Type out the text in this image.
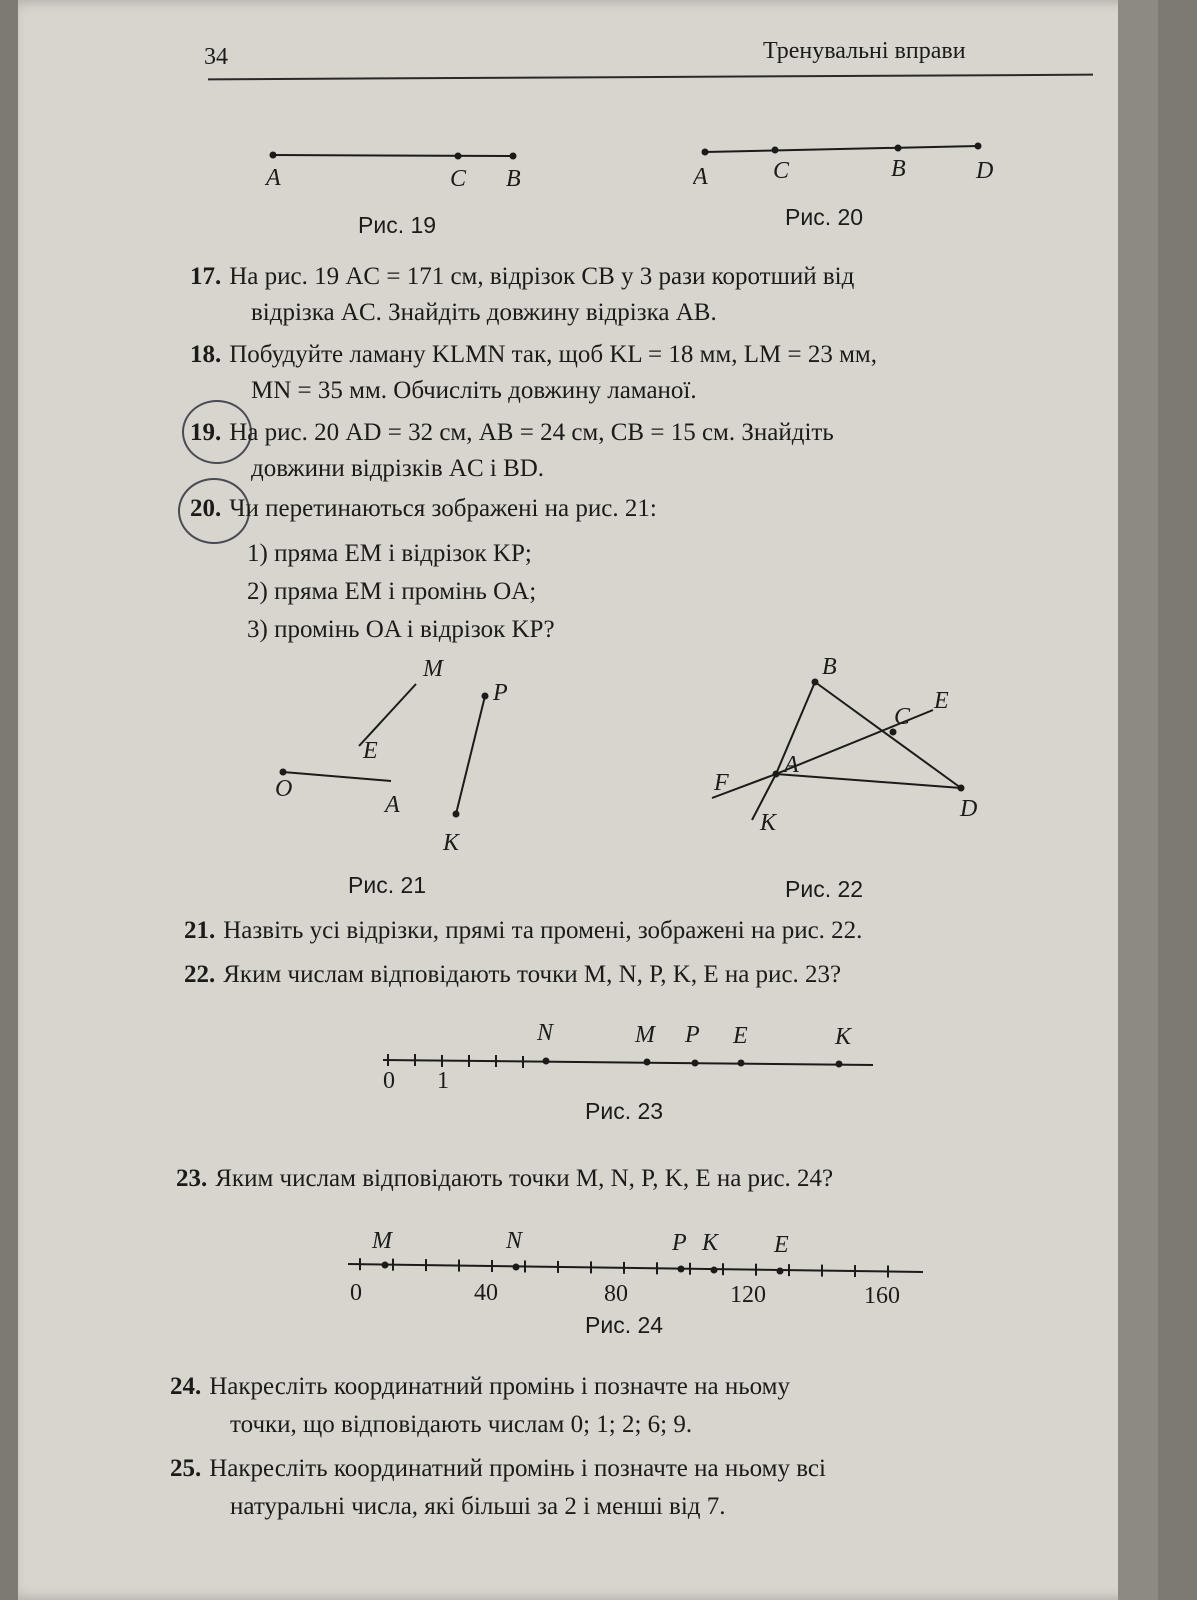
34	Тренувальні вправи
A	C B
Рис. 19
A	C	B	D
Рис. 20
17. На рис. 19 AC = 171 см, відрізок CB у 3 рази коротший від
відрізка AC. Знайдіть довжину відрізка AB.
18. Побудуйте ламану KLMN так, щоб KL = 18 мм, LM = 23 мм,
MN = 35 мм. Обчисліть довжину ламаної.
19. На рис. 20 AD = 32 см, AB = 24 см, CB = 15 см. Знайдіть
довжини відрізків AC і BD.
20. Чи перетинаються зображені на рис. 21:
1) пряма EM і відрізок KP;
2) пряма EM і промінь OA;
3) промінь OA і відрізок KP?
M
E
O
A
P
K
Рис. 21
B
E
C
A
F
K
D
Рис. 22
21. Назвіть усі відрізки, прямі та промені, зображені на рис. 22.
22. Яким числам відповідають точки M, N, P, K, E на рис. 23?
N	M P E	K
0 1
Рис. 23
23. Яким числам відповідають точки M, N, P, K, E на рис. 24?
M	N	P K E
0	40	80	120	160
Рис. 24
24. Накресліть координатний промінь і позначте на ньому
точки, що відповідають числам 0; 1; 2; 6; 9.
25. Накресліть координатний промінь і позначте на ньому всі
натуральні числа, які більші за 2 і менші від 7.
